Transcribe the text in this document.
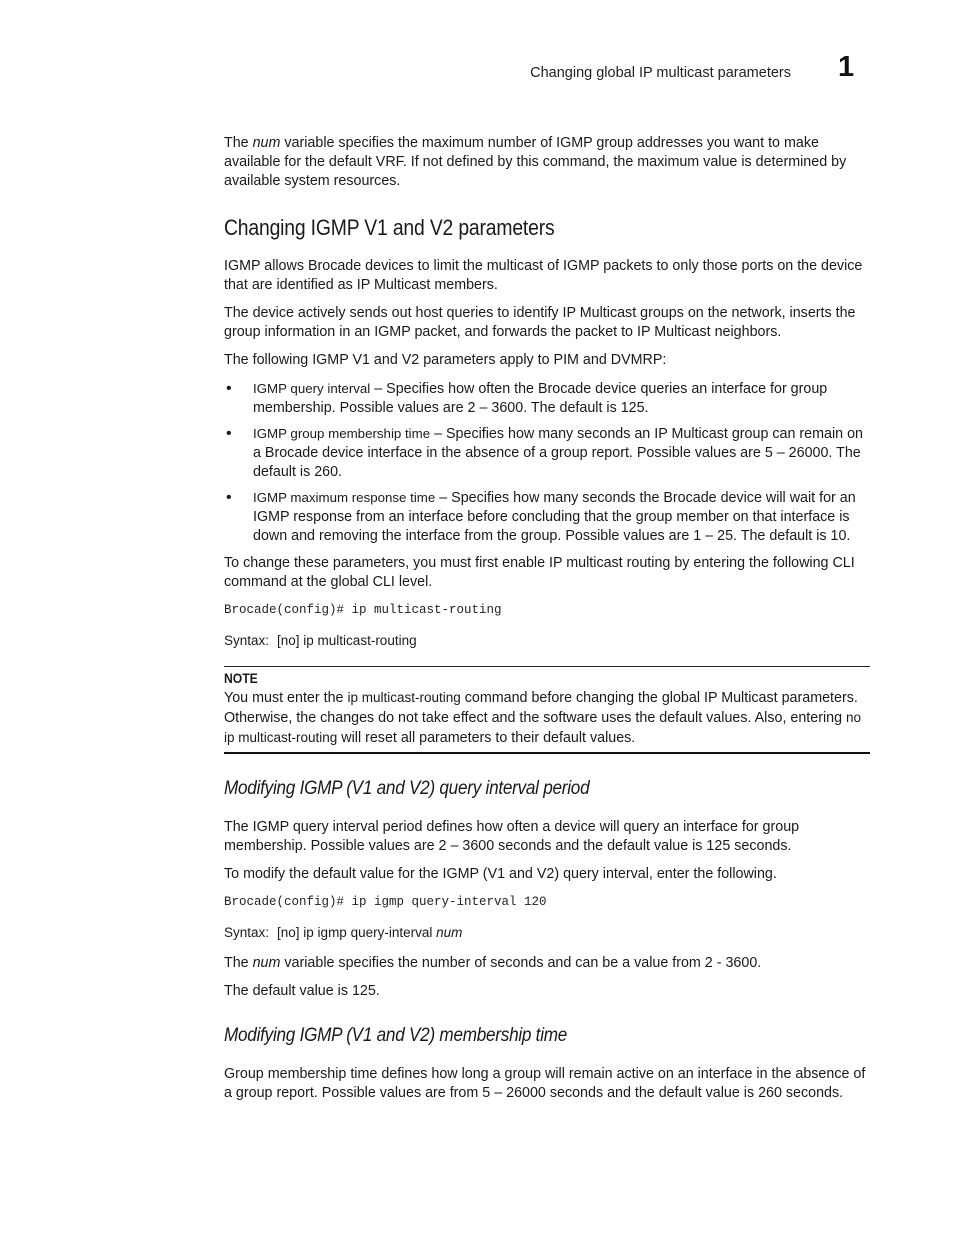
Changing global IP multicast parameters 1

The num variable specifies the maximum number of IGMP group addresses you want to make available for the default VRF. If not defined by this command, the maximum value is determined by available system resources.

Changing IGMP V1 and V2 parameters

IGMP allows Brocade devices to limit the multicast of IGMP packets to only those ports on the device that are identified as IP Multicast members.

The device actively sends out host queries to identify IP Multicast groups on the network, inserts the group information in an IGMP packet, and forwards the packet to IP Multicast neighbors.

The following IGMP V1 and V2 parameters apply to PIM and DVMRP:

• IGMP query interval – Specifies how often the Brocade device queries an interface for group membership. Possible values are 2 – 3600. The default is 125.
• IGMP group membership time – Specifies how many seconds an IP Multicast group can remain on a Brocade device interface in the absence of a group report. Possible values are 5 – 26000. The default is 260.
• IGMP maximum response time – Specifies how many seconds the Brocade device will wait for an IGMP response from an interface before concluding that the group member on that interface is down and removing the interface from the group. Possible values are 1 – 25. The default is 10.

To change these parameters, you must first enable IP multicast routing by entering the following CLI command at the global CLI level.

Brocade(config)# ip multicast-routing
Syntax: [no] ip multicast-routing
NOTE

You must enter the ip multicast-routing command before changing the global IP Multicast parameters. Otherwise, the changes do not take effect and the software uses the default values. Also, entering no ip multicast-routing will reset all parameters to their default values.

Modifying IGMP (V1 and V2) query interval period

The IGMP query interval period defines how often a device will query an interface for group membership. Possible values are 2 – 3600 seconds and the default value is 125 seconds.

To modify the default value for the IGMP (V1 and V2) query interval, enter the following.

Brocade(config)# ip igmp query-interval 120
Syntax: [no] ip igmp query-interval num

The num variable specifies the number of seconds and can be a value from 2 - 3600.

The default value is 125.

Modifying IGMP (V1 and V2) membership time

Group membership time defines how long a group will remain active on an interface in the absence of a group report. Possible values are from 5 – 26000 seconds and the default value is 260 seconds.
